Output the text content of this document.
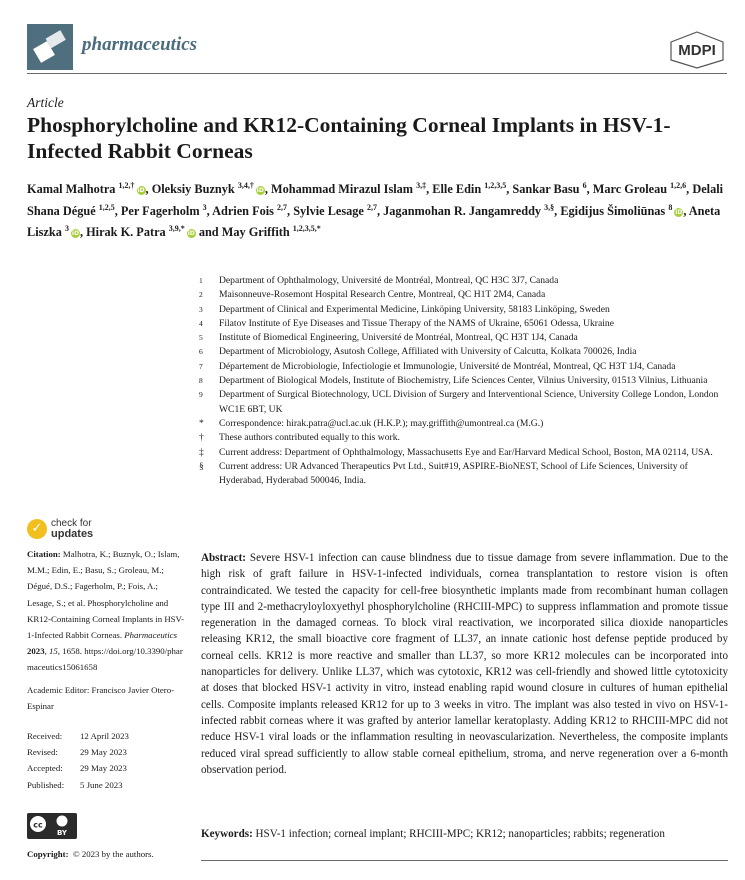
pharmaceutics	MDPI
Article
Phosphorylcholine and KR12-Containing Corneal Implants in HSV-1-Infected Rabbit Corneas
Kamal Malhotra $^{1,2,\dagger}$iD, Oleksiy Buznyk $^{3,4,\dagger}$iD, Mohammad Mirazul Islam $^{3,\ddagger}$, Elle Edin $^{1,2,3,5}$, Sankar Basu $^6$, Marc Groleau $^{1,2,6}$, Delali Shana Dégué $^{1,2,5}$, Per Fagerholm $^3$, Adrien Fois $^{2,7}$, Sylvie Lesage $^{2,7}$, Jaganmohan R. Jangamreddy $^{3,\S}$, Egidijus Šimoliūnas $^8$iD, Aneta Liszka $^3$iD, Hirak K. Patra $^{3,9,*}$iD and May Griffith $^{1,2,3,5,*}$
1	Department of Ophthalmology, Université de Montréal, Montreal, QC H3C 3J7, Canada
2	Maisonneuve-Rosemont Hospital Research Centre, Montreal, QC H1T 2M4, Canada
3	Department of Clinical and Experimental Medicine, Linköping University, 58183 Linköping, Sweden
4	Filatov Institute of Eye Diseases and Tissue Therapy of the NAMS of Ukraine, 65061 Odessa, Ukraine
5	Institute of Biomedical Engineering, Université de Montréal, Montreal, QC H3T 1J4, Canada
6	Department of Microbiology, Asutosh College, Affiliated with University of Calcutta, Kolkata 700026, India
7	Département de Microbiologie, Infectiologie et Immunologie, Université de Montréal, Montreal, QC H3T 1J4, Canada
8	Department of Biological Models, Institute of Biochemistry, Life Sciences Center, Vilnius University, 01513 Vilnius, Lithuania
9	Department of Surgical Biotechnology, UCL Division of Surgery and Interventional Science, University College London, London WC1E 6BT, UK
*	Correspondence: hirak.patra@ucl.ac.uk (H.K.P.); may.griffith@umontreal.ca (M.G.)
†	These authors contributed equally to this work.
‡	Current address: Department of Ophthalmology, Massachusetts Eye and Ear/Harvard Medical School, Boston, MA 02114, USA.
§	Current address: UR Advanced Therapeutics Pvt Ltd., Suit#19, ASPIRE-BioNEST, School of Life Sciences, University of Hyderabad, Hyderabad 500046, India.
✓ check for
updates

Citation: Malhotra, K.; Buznyk, O.; Islam, M.M.; Edin, E.; Basu, S.; Groleau, M.; Dégué, D.S.; Fagerholm, P.; Fois, A.; Lesage, S.; et al. Phosphorylcholine and KR12-Containing Corneal Implants in HSV-1-Infected Rabbit Corneas. Pharmaceutics 2023, 15, 1658. https://doi.org/10.3390/pharmaceutics15061658

Academic Editor: Francisco Javier Otero-Espinar

Received: 12 April 2023
Revised:	29 May 2023
Accepted: 29 May 2023
Published: 5 June 2023
cc
BY

Copyright: © 2023 by the authors.

Abstract: Severe HSV-1 infection can cause blindness due to tissue damage from severe inflammation. Due to the high risk of graft failure in HSV-1-infected individuals, cornea transplantation to restore vision is often contraindicated. We tested the capacity for cell-free biosynthetic implants made from recombinant human collagen type III and 2-methacryloyloxyethyl phosphorylcholine (RHCIII-MPC) to suppress inflammation and promote tissue regeneration in the damaged corneas. To block viral reactivation, we incorporated silica dioxide nanoparticles releasing KR12, the small bioactive core fragment of LL37, an innate cationic host defense peptide produced by corneal cells. KR12 is more reactive and smaller than LL37, so more KR12 molecules can be incorporated into nanoparticles for delivery. Unlike LL37, which was cytotoxic, KR12 was cell-friendly and showed little cytotoxicity at doses that blocked HSV-1 activity in vitro, instead enabling rapid wound closure in cultures of human epithelial cells. Composite implants released KR12 for up to 3 weeks in vitro. The implant was also tested in vivo on HSV-1-infected rabbit corneas where it was grafted by anterior lamellar keratoplasty. Adding KR12 to RHCIII-MPC did not reduce HSV-1 viral loads or the inflammation resulting in neovascularization. Nevertheless, the composite implants reduced viral spread sufficiently to allow stable corneal epithelium, stroma, and nerve regeneration over a 6-month observation period.
Keywords: HSV-1 infection; corneal implant; RHCIII-MPC; KR12; nanoparticles; rabbits; regeneration
